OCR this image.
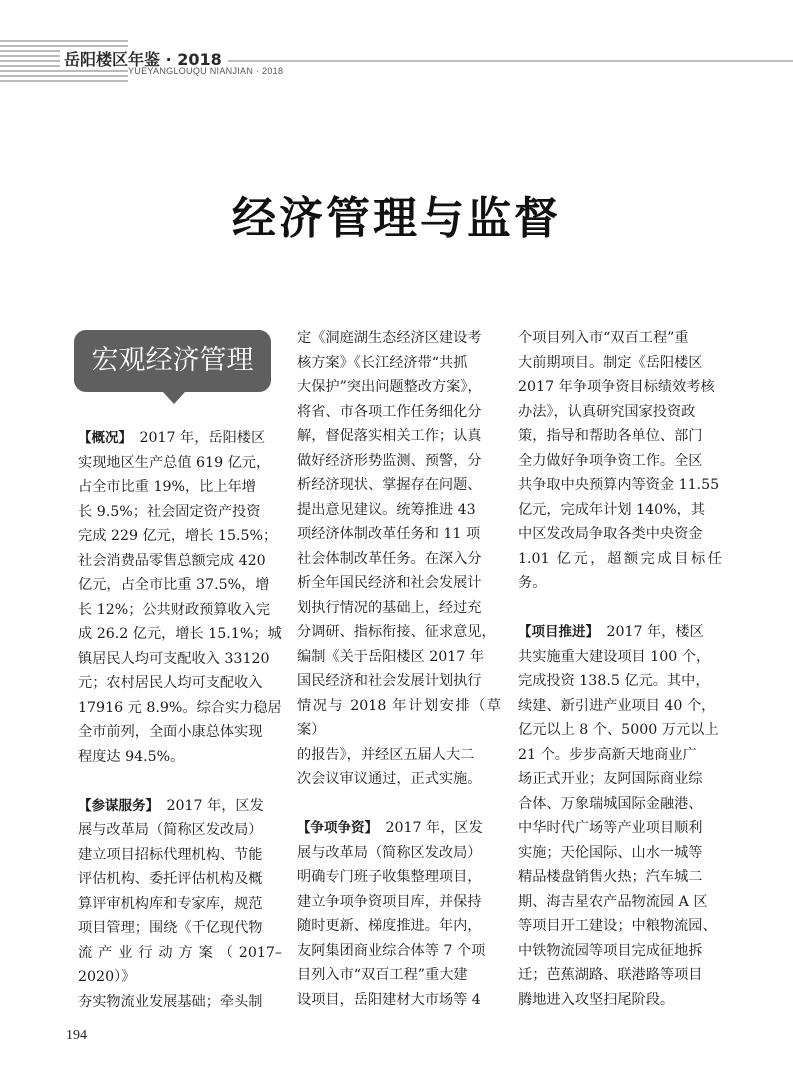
岳阳楼区年鉴 · 2018
YUEYANGLOUQU NIANJIAN · 2018
经济管理与监督
宏观经济管理
【概况】　2017 年，岳阳楼区
实现地区生产总值 619 亿元，
占全市比重 19%，比上年增
长 9.5%；社会固定资产投资
完成 229 亿元，增长 15.5%；
社会消费品零售总额完成 420
亿元，占全市比重 37.5%，增
长 12%；公共财政预算收入完
成 26.2 亿元，增长 15.1%；城
镇居民人均可支配收入 33120
元；农村居民人均可支配收入
17916 元 8.9%。综合实力稳居
全市前列，全面小康总体实现
程度达 94.5%。
【参谋服务】　2017 年，区发
展与改革局（简称区发改局）
建立项目招标代理机构、节能
评估机构、委托评估机构及概
算评审机构库和专家库，规范
项目管理；围绕《千亿现代物
流产业行动方案（2017–2020）》
夯实物流业发展基础；牵头制
定《洞庭湖生态经济区建设考
核方案》《长江经济带“共抓
大保护”突出问题整改方案》，
将省、市各项工作任务细化分
解，督促落实相关工作；认真
做好经济形势监测、预警，分
析经济现状、掌握存在问题、
提出意见建议。统筹推进 43
项经济体制改革任务和 11 项
社会体制改革任务。在深入分
析全年国民经济和社会发展计
划执行情况的基础上，经过充
分调研、指标衔接、征求意见，
编制《关于岳阳楼区 2017 年
国民经济和社会发展计划执行
情况与 2018 年计划安排（草案）
的报告》，并经区五届人大二
次会议审议通过，正式实施。
【争项争资】　2017 年，区发
展与改革局（简称区发改局）
明确专门班子收集整理项目，
建立争项争资项目库，并保持
随时更新、梯度推进。年内，
友阿集团商业综合体等 7 个项
目列入市“双百工程”重大建
设项目，岳阳建材大市场等 4
个项目列入市“双百工程”重
大前期项目。制定《岳阳楼区
2017 年争项争资目标绩效考核
办法》，认真研究国家投资政
策，指导和帮助各单位、部门
全力做好争项争资工作。全区
共争取中央预算内等资金 11.55
亿元，完成年计划 140%，其
中区发改局争取各类中央资金
1.01 亿元，超额完成目标任务。
【项目推进】　2017 年，楼区
共实施重大建设项目 100 个，
完成投资 138.5 亿元。其中，
续建、新引进产业项目 40 个，
亿元以上 8 个、5000 万元以上
21 个。步步高新天地商业广
场正式开业；友阿国际商业综
合体、万象瑞城国际金融港、
中华时代广场等产业项目顺利
实施；天伦国际、山水一城等
精品楼盘销售火热；汽车城二
期、海吉星农产品物流园 A 区
等项目开工建设；中粮物流园、
中铁物流园等项目完成征地拆
迁；芭蕉湖路、联港路等项目
腾地进入攻坚扫尾阶段。
194
